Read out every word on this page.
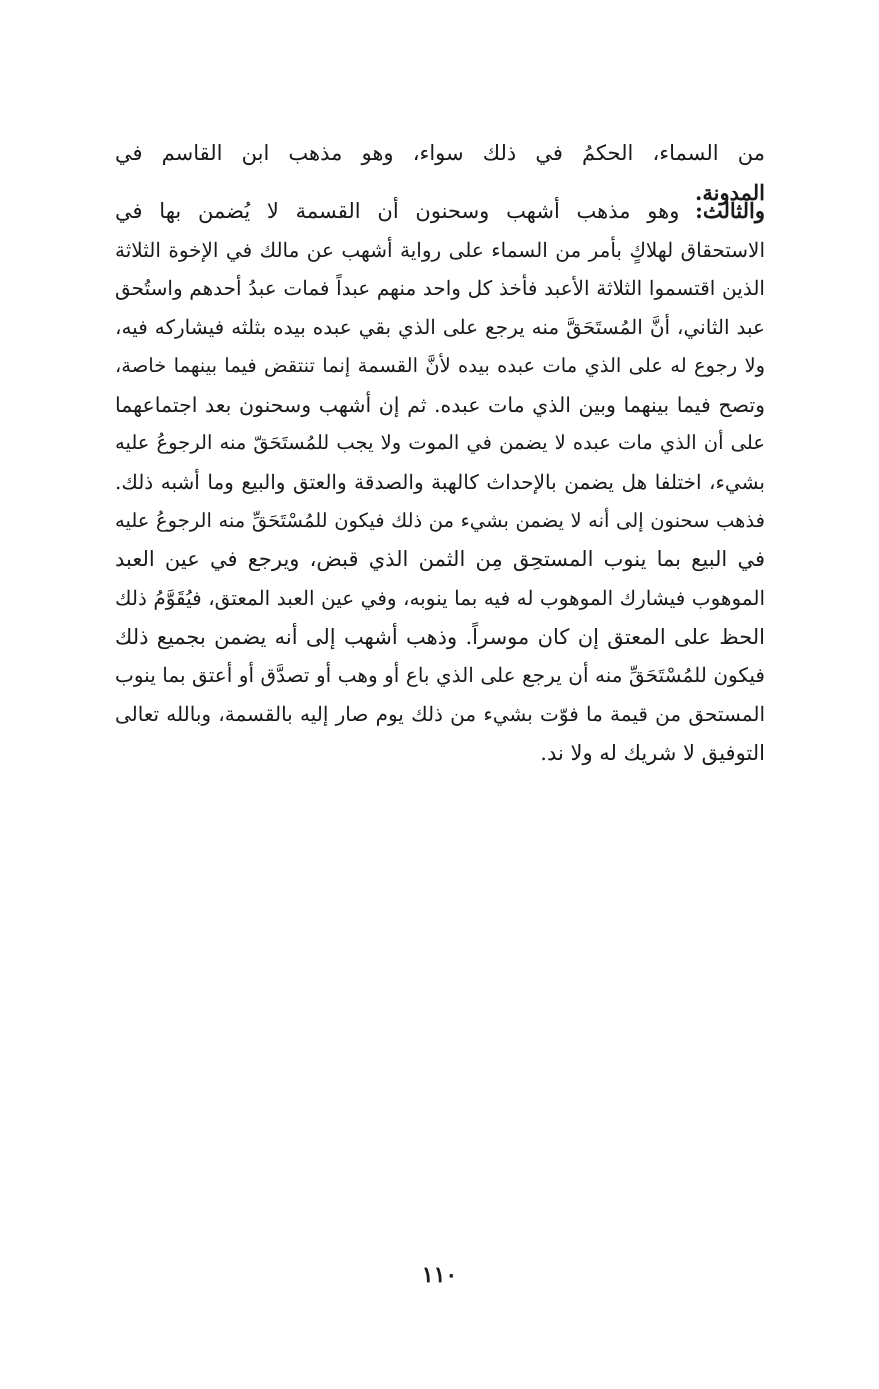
من السماء، الحكمُ في ذلك سواء، وهو مذهب ابن القاسم في
المدونة.
والثالث: وهو مذهب أشهب وسحنون أن القسمة لا يُضمن بها في
الاستحقاق لهلاكٍ بأمر من السماء على رواية أشهب عن مالك في الإخوة الثلاثة
الذين اقتسموا الثلاثة الأعبد فأخذ كل واحد منهم عبداً فمات عبدُ أحدهم واستُحق
عبد الثاني، أنَّ المُستَحَقَّ منه يرجع على الذي بقي عبده بيده بثلثه فيشاركه فيه،
ولا رجوع له على الذي مات عبده بيده لأنَّ القسمة إنما تنتقض فيما بينهما خاصة،
وتصح فيما بينهما وبين الذي مات عبده. ثم إن أشهب وسحنون بعد اجتماعهما
على أن الذي مات عبده لا يضمن في الموت ولا يجب للمُستَحَقّ منه الرجوعُ عليه
بشيء، اختلفا هل يضمن بالإحداث كالهبة والصدقة والعتق والبيع وما أشبه ذلك.
فذهب سحنون إلى أنه لا يضمن بشيء من ذلك فيكون للمُسْتَحَقِّ منه الرجوعُ عليه
في البيع بما ينوب المستحِق مِن الثمن الذي قبض، ويرجع في عين العبد
الموهوب فيشارك الموهوب له فيه بما ينوبه، وفي عين العبد المعتق، فيُقَوَّمُ ذلك
الحظ على المعتق إن كان موسراً. وذهب أشهب إلى أنه يضمن بجميع ذلك
فيكون للمُسْتَحَقِّ منه أن يرجع على الذي باع أو وهب أو تصدَّق أو أعتق بما ينوب
المستحق من قيمة ما فوّت بشيء من ذلك يوم صار إليه بالقسمة، وبالله تعالى
التوفيق لا شريك له ولا ند.
١١٠
